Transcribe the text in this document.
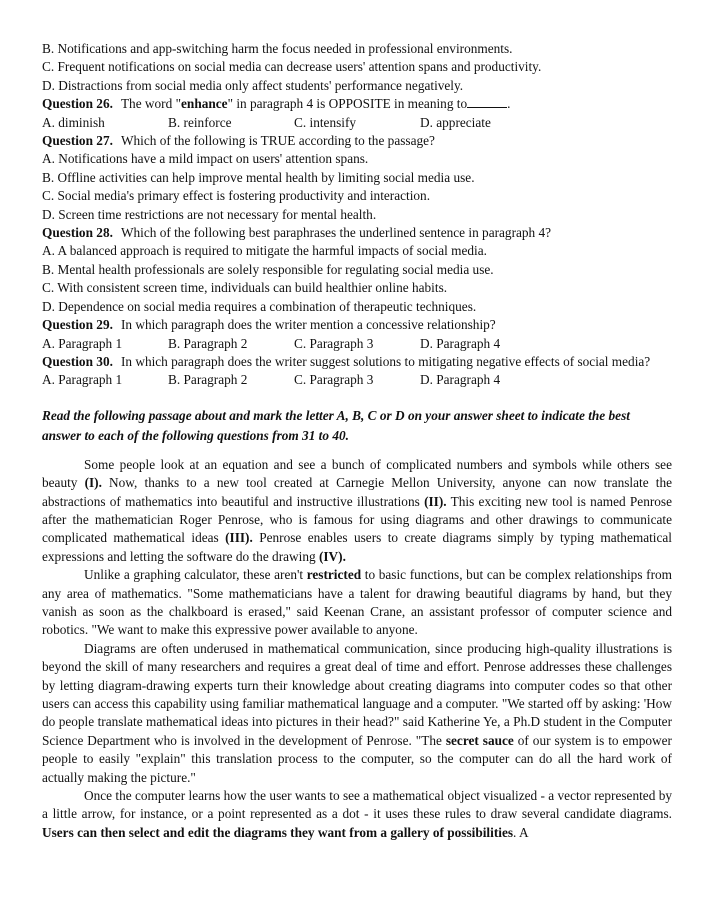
B. Notifications and app-switching harm the focus needed in professional environments.
C. Frequent notifications on social media can decrease users' attention spans and productivity.
D. Distractions from social media only affect students' performance negatively.
Question 26. The word "enhance" in paragraph 4 is OPPOSITE in meaning to	.
A. diminish	B. reinforce	C. intensify	D. appreciate
Question 27. Which of the following is TRUE according to the passage?
A. Notifications have a mild impact on users' attention spans.
B. Offline activities can help improve mental health by limiting social media use.
C. Social media's primary effect is fostering productivity and interaction.
D. Screen time restrictions are not necessary for mental health.
Question 28. Which of the following best paraphrases the underlined sentence in paragraph 4?
A. A balanced approach is required to mitigate the harmful impacts of social media.
B. Mental health professionals are solely responsible for regulating social media use.
C. With consistent screen time, individuals can build healthier online habits.
D. Dependence on social media requires a combination of therapeutic techniques.
Question 29. In which paragraph does the writer mention a concessive relationship?
A. Paragraph 1	B. Paragraph 2	C. Paragraph 3	D. Paragraph 4
Question 30. In which paragraph does the writer suggest solutions to mitigating negative effects of social media?
A. Paragraph 1	B. Paragraph 2	C. Paragraph 3	D. Paragraph 4
Read the following passage about and mark the letter A, B, C or D on your answer sheet to indicate the best answer to each of the following questions from 31 to 40.

Some people look at an equation and see a bunch of complicated numbers and symbols while others see beauty (I). Now, thanks to a new tool created at Carnegie Mellon University, anyone can now translate the abstractions of mathematics into beautiful and instructive illustrations (II). This exciting new tool is named Penrose after the mathematician Roger Penrose, who is famous for using diagrams and other drawings to communicate complicated mathematical ideas (III). Penrose enables users to create diagrams simply by typing mathematical expressions and letting the software do the drawing (IV).

Unlike a graphing calculator, these aren't restricted to basic functions, but can be complex relationships from any area of mathematics. "Some mathematicians have a talent for drawing beautiful diagrams by hand, but they vanish as soon as the chalkboard is erased," said Keenan Crane, an assistant professor of computer science and robotics. "We want to make this expressive power available to anyone.

Diagrams are often underused in mathematical communication, since producing high-quality illustrations is beyond the skill of many researchers and requires a great deal of time and effort. Penrose addresses these challenges by letting diagram-drawing experts turn their knowledge about creating diagrams into computer codes so that other users can access this capability using familiar mathematical language and a computer. "We started off by asking: 'How do people translate mathematical ideas into pictures in their head?" said Katherine Ye, a Ph.D student in the Computer Science Department who is involved in the development of Penrose. "The secret sauce of our system is to empower people to easily "explain" this translation process to the computer, so the computer can do all the hard work of actually making the picture."

Once the computer learns how the user wants to see a mathematical object visualized - a vector represented by a little arrow, for instance, or a point represented as a dot - it uses these rules to draw several candidate diagrams. Users can then select and edit the diagrams they want from a gallery of possibilities. A
